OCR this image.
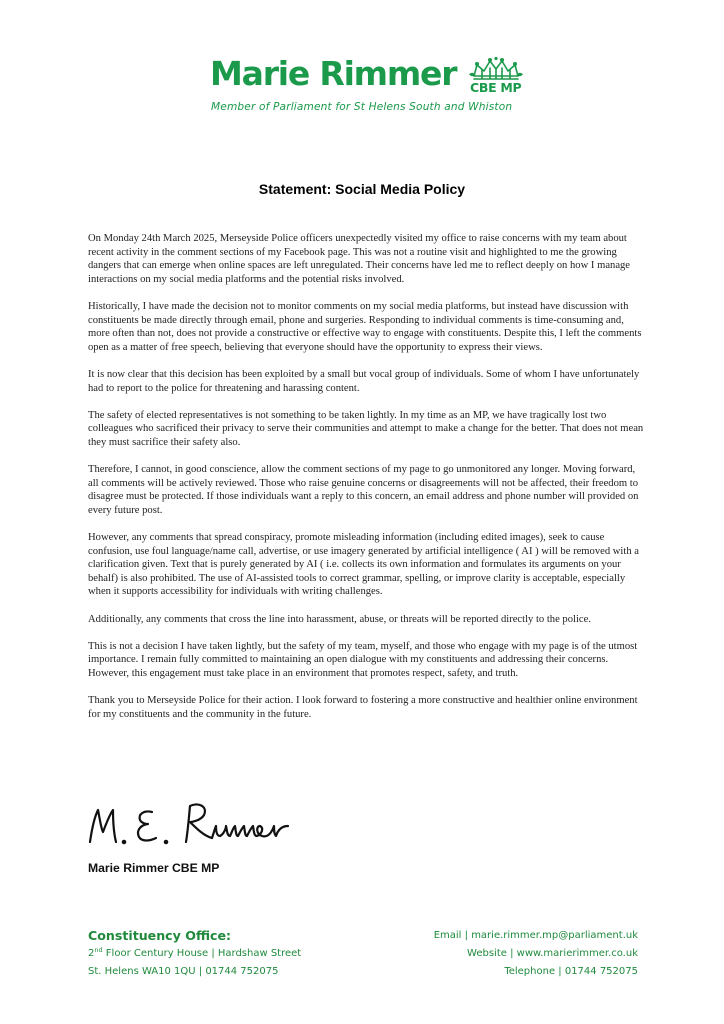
Marie Rimmer CBE MP
Member of Parliament for St Helens South and Whiston
Statement: Social Media Policy

On Monday 24th March 2025, Merseyside Police officers unexpectedly visited my office to raise concerns with my team about recent activity in the comment sections of my Facebook page. This was not a routine visit and highlighted to me the growing dangers that can emerge when online spaces are left unregulated. Their concerns have led me to reflect deeply on how I manage interactions on my social media platforms and the potential risks involved.

Historically, I have made the decision not to monitor comments on my social media platforms, but instead have discussion with constituents be made directly through email, phone and surgeries. Responding to individual comments is time-consuming and, more often than not, does not provide a constructive or effective way to engage with constituents. Despite this, I left the comments open as a matter of free speech, believing that everyone should have the opportunity to express their views.

It is now clear that this decision has been exploited by a small but vocal group of individuals. Some of whom I have unfortunately had to report to the police for threatening and harassing content.

The safety of elected representatives is not something to be taken lightly. In my time as an MP, we have tragically lost two colleagues who sacrificed their privacy to serve their communities and attempt to make a change for the better. That does not mean they must sacrifice their safety also.

Therefore, I cannot, in good conscience, allow the comment sections of my page to go unmonitored any longer. Moving forward, all comments will be actively reviewed. Those who raise genuine concerns or disagreements will not be affected, their freedom to disagree must be protected. If those individuals want a reply to this concern, an email address and phone number will provided on every future post.

However, any comments that spread conspiracy, promote misleading information (including edited images), seek to cause confusion, use foul language/name call, advertise, or use imagery generated by artificial intelligence ( AI ) will be removed with a clarification given. Text that is purely generated by AI ( i.e. collects its own information and formulates its arguments on your behalf) is also prohibited. The use of AI-assisted tools to correct grammar, spelling, or improve clarity is acceptable, especially when it supports accessibility for individuals with writing challenges.

Additionally, any comments that cross the line into harassment, abuse, or threats will be reported directly to the police.

This is not a decision I have taken lightly, but the safety of my team, myself, and those who engage with my page is of the utmost importance. I remain fully committed to maintaining an open dialogue with my constituents and addressing their concerns. However, this engagement must take place in an environment that promotes respect, safety, and truth.

Thank you to Merseyside Police for their action. I look forward to fostering a more constructive and healthier online environment for my constituents and the community in the future.

Marie Rimmer CBE MP
Constituency Office:
2nd Floor Century House | Hardshaw Street
St. Helens WA10 1QU | 01744 752075
Email | marie.rimmer.mp@parliament.uk
Website | www.marierimmer.co.uk
Telephone | 01744 752075
